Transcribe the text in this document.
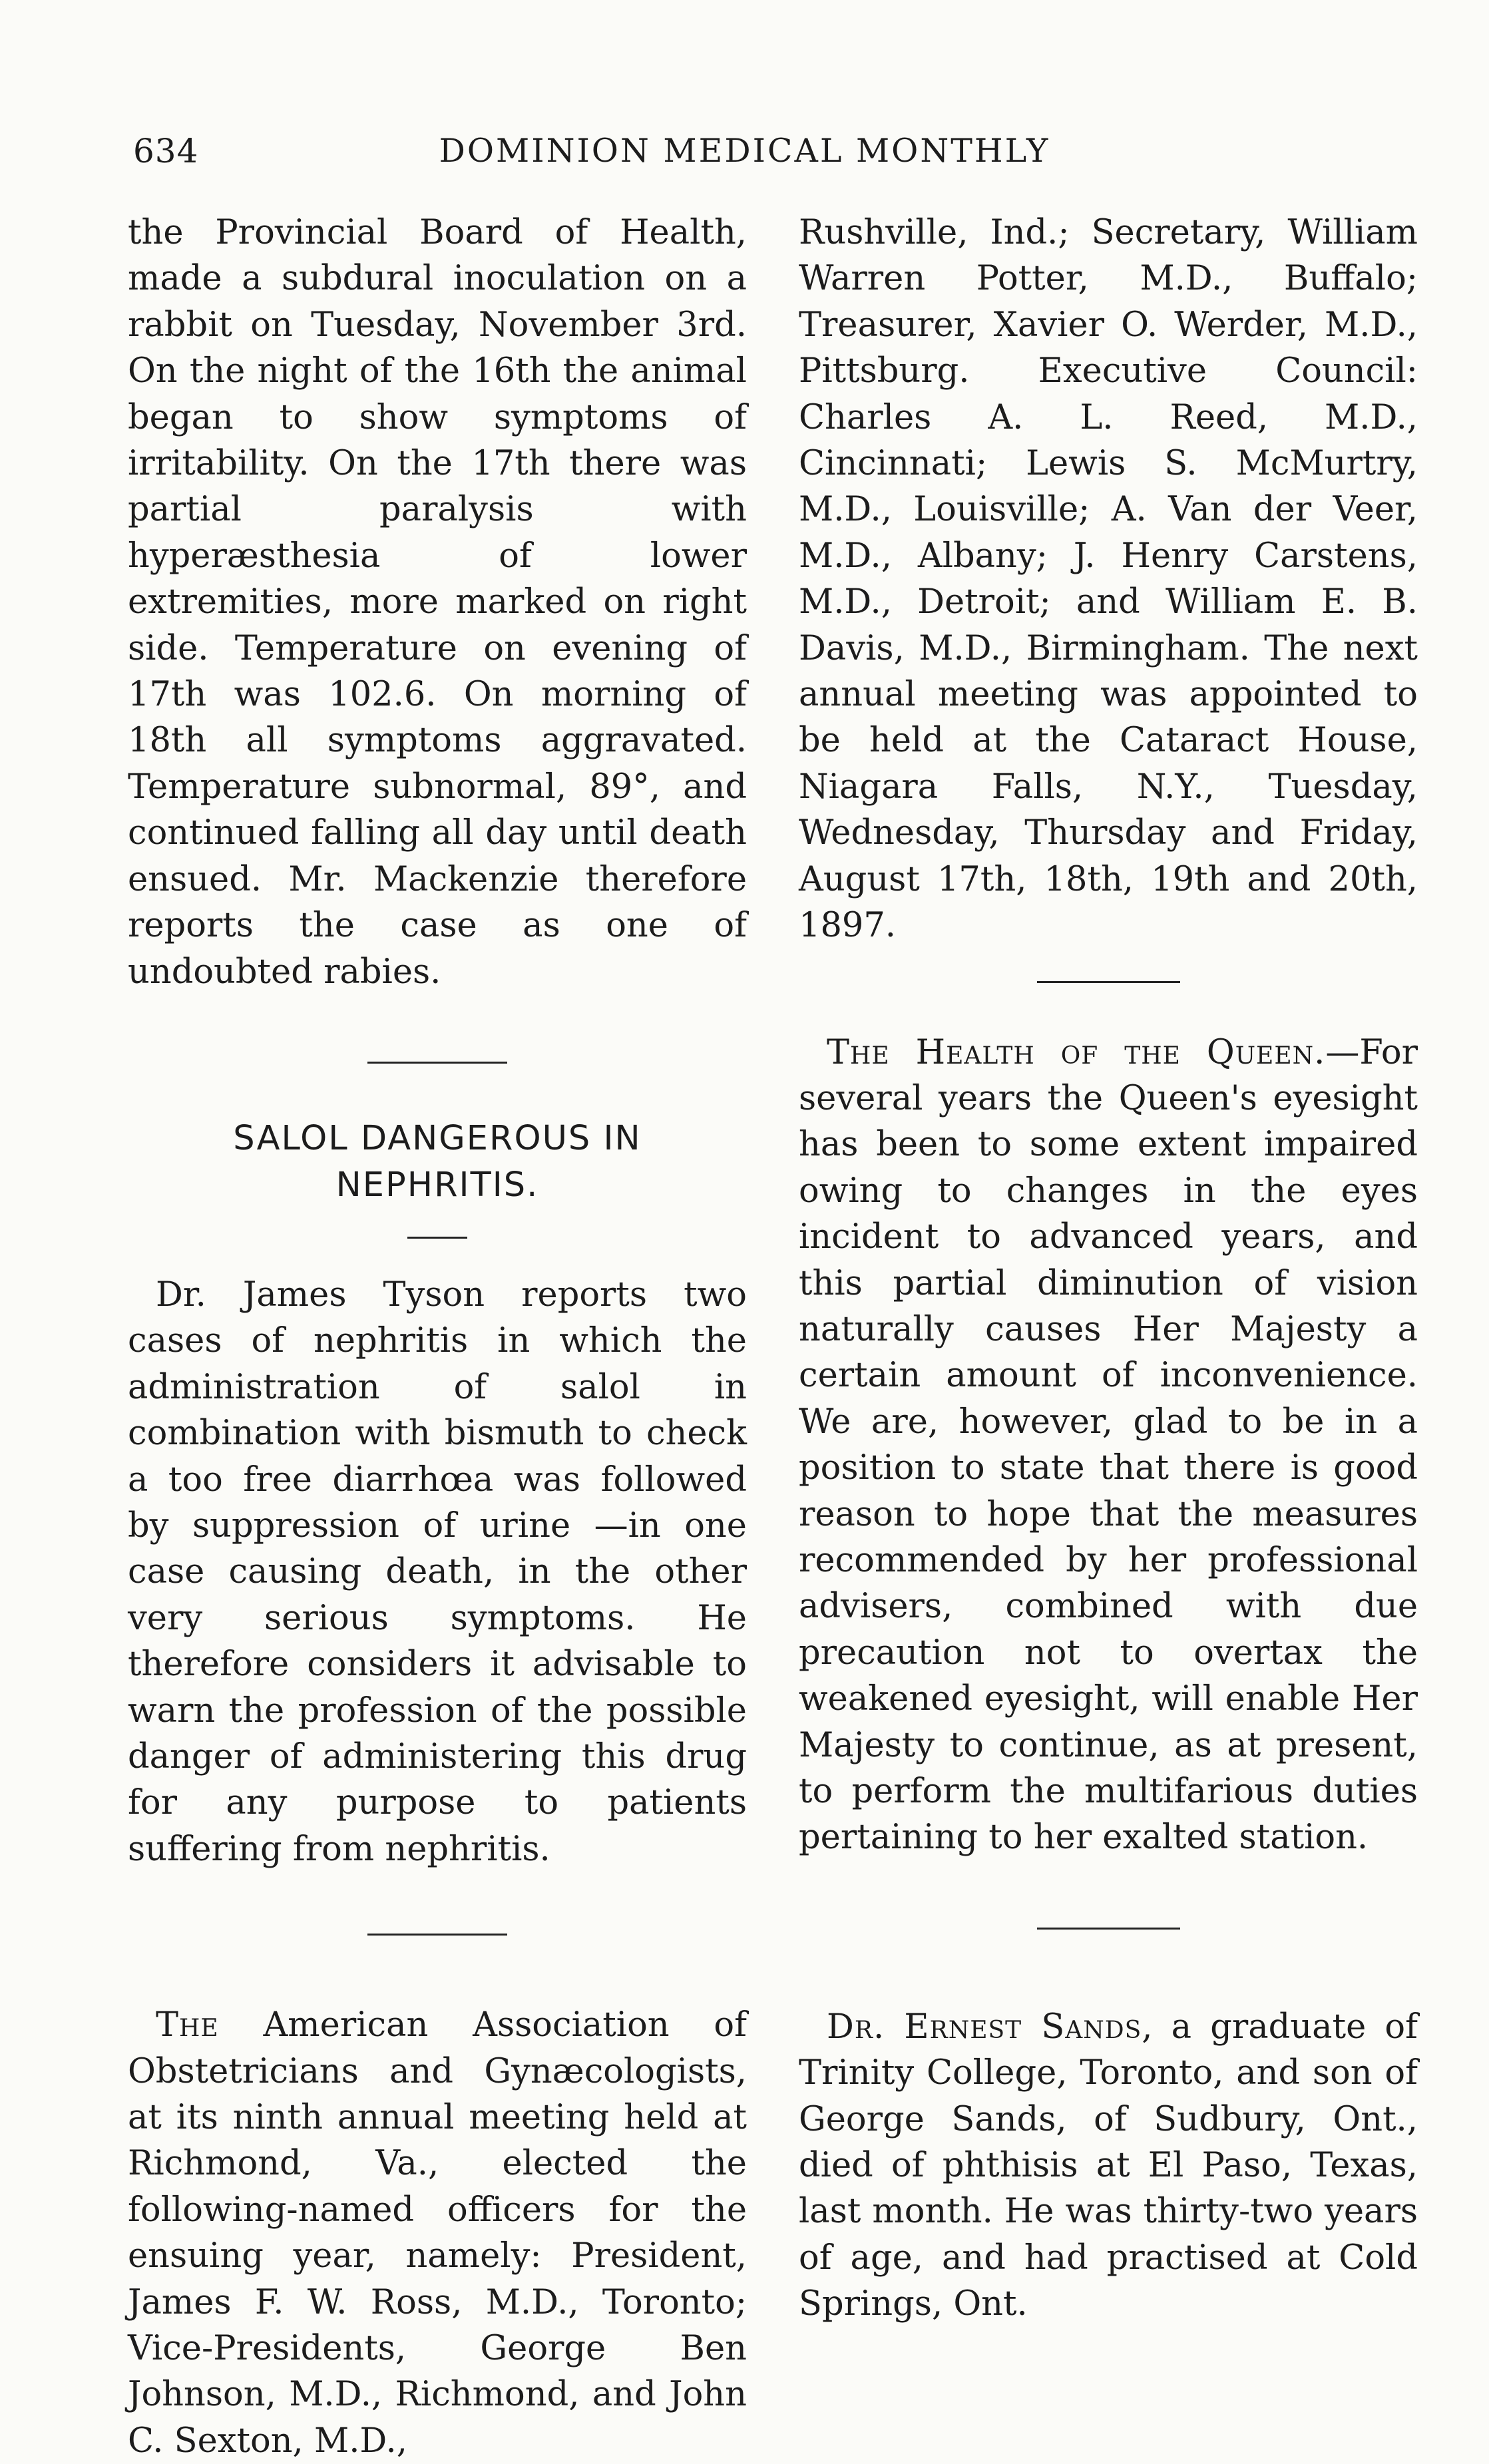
634	DOMINION MEDICAL MONTHLY

the Provincial Board of Health, made a subdural inoculation on a rabbit on Tuesday, November 3rd. On the night of the 16th the animal began to show symptoms of irritability. On the 17th there was partial paralysis with hyperæsthesia of lower extremities, more marked on right side. Temperature on evening of 17th was 102.6. On morning of 18th all symptoms aggravated. Temperature subnormal, 89°, and continued falling all day until death ensued. Mr. Mackenzie therefore reports the case as one of undoubted rabies.

SALOL DANGEROUS IN NEPHRITIS.

Dr. James Tyson reports two cases of nephritis in which the administration of salol in combination with bismuth to check a too free diarrhœa was followed by suppression of urine —in one case causing death, in the other very serious symptoms. He therefore considers it advisable to warn the profession of the possible danger of administering this drug for any purpose to patients suffering from nephritis.

The American Association of Obstetricians and Gynæcologists, at its ninth annual meeting held at Richmond, Va., elected the following-named officers for the ensuing year, namely: President, James F. W. Ross, M.D., Toronto; Vice-Presidents, George Ben Johnson, M.D., Richmond, and John C. Sexton, M.D.,

Rushville, Ind.; Secretary, William Warren Potter, M.D., Buffalo; Treasurer, Xavier O. Werder, M.D., Pittsburg. Executive Council: Charles A. L. Reed, M.D., Cincinnati; Lewis S. McMurtry, M.D., Louisville; A. Van der Veer, M.D., Albany; J. Henry Carstens, M.D., Detroit; and William E. B. Davis, M.D., Birmingham. The next annual meeting was appointed to be held at the Cataract House, Niagara Falls, N.Y., Tuesday, Wednesday, Thursday and Friday, August 17th, 18th, 19th and 20th, 1897.

The Health of the Queen.—For several years the Queen's eyesight has been to some extent impaired owing to changes in the eyes incident to advanced years, and this partial diminution of vision naturally causes Her Majesty a certain amount of inconvenience. We are, however, glad to be in a position to state that there is good reason to hope that the measures recommended by her professional advisers, combined with due precaution not to overtax the weakened eyesight, will enable Her Majesty to continue, as at present, to perform the multifarious duties pertaining to her exalted station.

Dr. Ernest Sands, a graduate of Trinity College, Toronto, and son of George Sands, of Sudbury, Ont., died of phthisis at El Paso, Texas, last month. He was thirty-two years of age, and had practised at Cold Springs, Ont.
